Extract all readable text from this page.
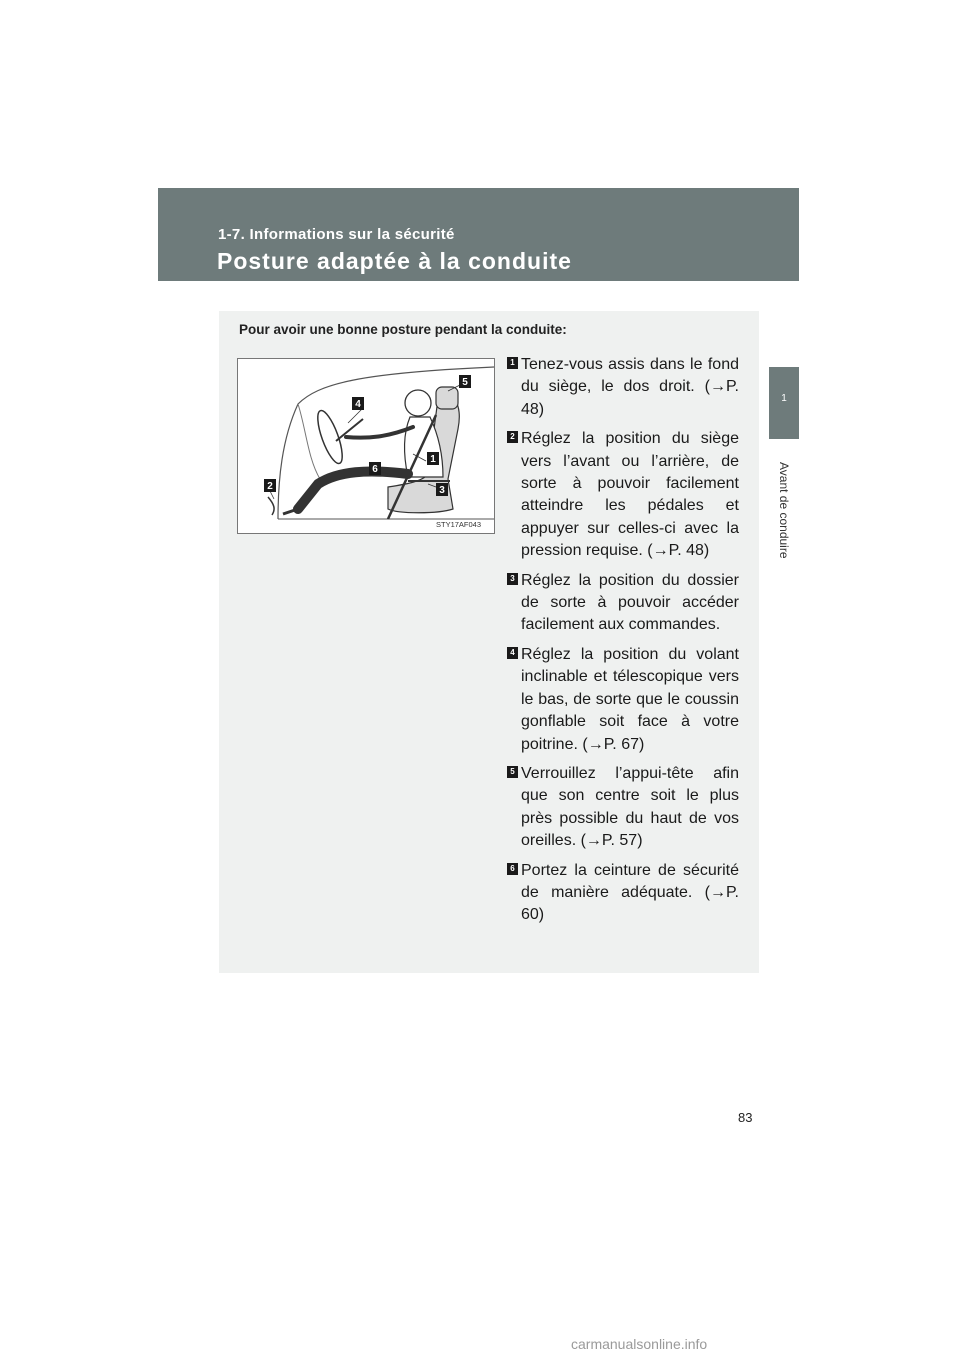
1-7. Informations sur la sécurité
Posture adaptée à la conduite
1
Avant de conduire
Pour avoir une bonne posture pendant la conduite:
5
4
1
6
3
2
STY17AF043
1 Tenez-vous assis dans le fond du siège, le dos droit. (→P. 48)
2 Réglez la position du siège vers l’avant ou l’arrière, de sorte à pouvoir facilement atteindre les pédales et appuyer sur celles-ci avec la pression requise. (→P. 48)
3 Réglez la position du dossier de sorte à pouvoir accéder facilement aux commandes.
4 Réglez la position du volant inclinable et télescopique vers le bas, de sorte que le coussin gonflable soit face à votre poitrine. (→P. 67)
5 Verrouillez l’appui-tête afin que son centre soit le plus près possible du haut de vos oreilles. (→P. 57)
6 Portez la ceinture de sécurité de manière adéquate. (→P. 60)
83
carmanualsonline.info
